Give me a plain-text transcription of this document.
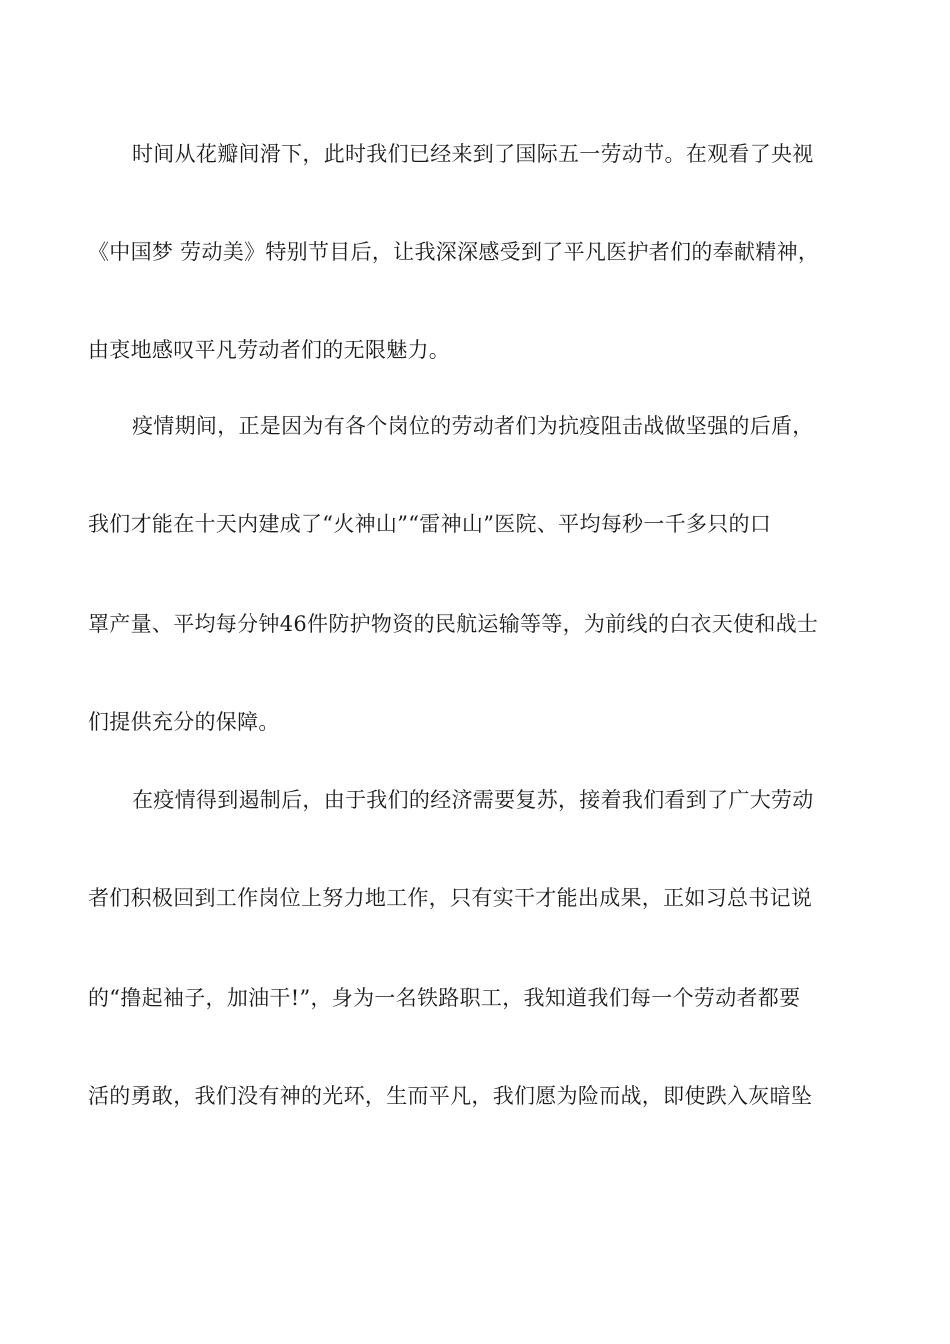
时间从花瓣间滑下，此时我们已经来到了国际五一劳动节。在观看了央视
《中国梦 劳动美》特别节目后，让我深深感受到了平凡医护者们的奉献精神，
由衷地感叹平凡劳动者们的无限魅力。
疫情期间，正是因为有各个岗位的劳动者们为抗疫阻击战做坚强的后盾，
我们才能在十天内建成了“火神山”“雷神山”医院、平均每秒一千多只的口
罩产量、平均每分钟46件防护物资的民航运输等等，为前线的白衣天使和战士
们提供充分的保障。
在疫情得到遏制后，由于我们的经济需要复苏，接着我们看到了广大劳动
者们积极回到工作岗位上努力地工作，只有实干才能出成果，正如习总书记说
的“撸起袖子，加油干!”，身为一名铁路职工，我知道我们每一个劳动者都要
活的勇敢，我们没有神的光环，生而平凡，我们愿为险而战，即使跌入灰暗坠
